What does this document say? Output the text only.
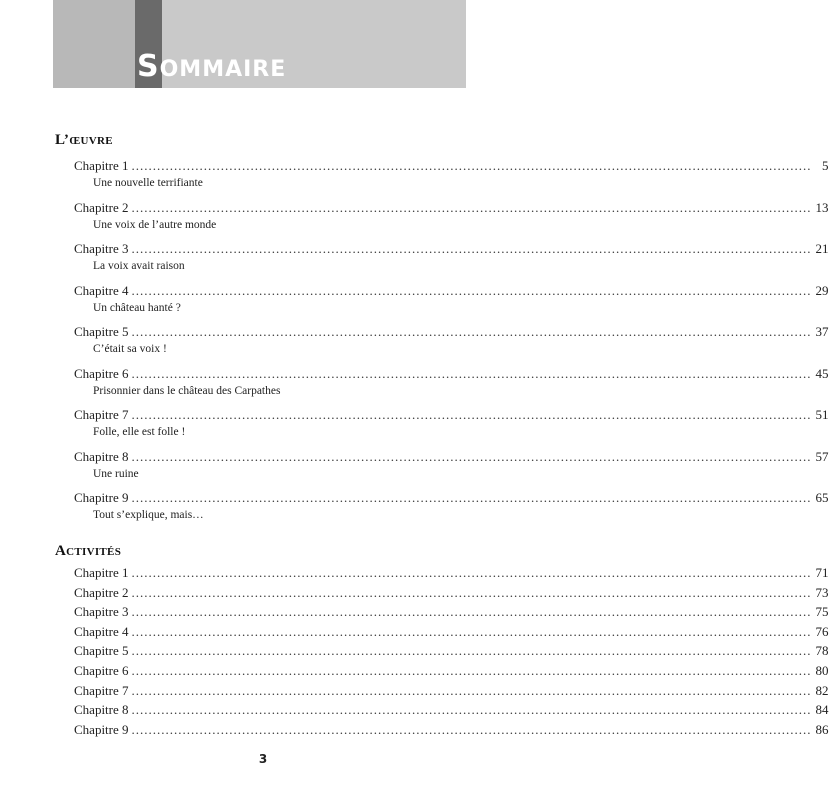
SOMMAIRE
L’œuvre
Chapitre 1 ................................................................................................................................................................ 5
Une nouvelle terrifiante
Chapitre 2 ................................................................................................................................................................ 13
Une voix de l’autre monde
Chapitre 3 ................................................................................................................................................................ 21
La voix avait raison
Chapitre 4 ................................................................................................................................................................ 29
Un château hanté ?
Chapitre 5 ................................................................................................................................................................ 37
C’était sa voix !
Chapitre 6 ................................................................................................................................................................ 45
Prisonnier dans le château des Carpathes
Chapitre 7 ................................................................................................................................................................ 51
Folle, elle est folle !
Chapitre 8 ................................................................................................................................................................ 57
Une ruine
Chapitre 9 ................................................................................................................................................................ 65
Tout s’explique, mais…
Activités
Chapitre 1 ................................................................................................................................................................ 71
Chapitre 2 ................................................................................................................................................................ 73
Chapitre 3 ................................................................................................................................................................ 75
Chapitre 4 ................................................................................................................................................................ 76
Chapitre 5 ................................................................................................................................................................ 78
Chapitre 6 ................................................................................................................................................................ 80
Chapitre 7 ................................................................................................................................................................ 82
Chapitre 8 ................................................................................................................................................................ 84
Chapitre 9 ................................................................................................................................................................ 86
3
